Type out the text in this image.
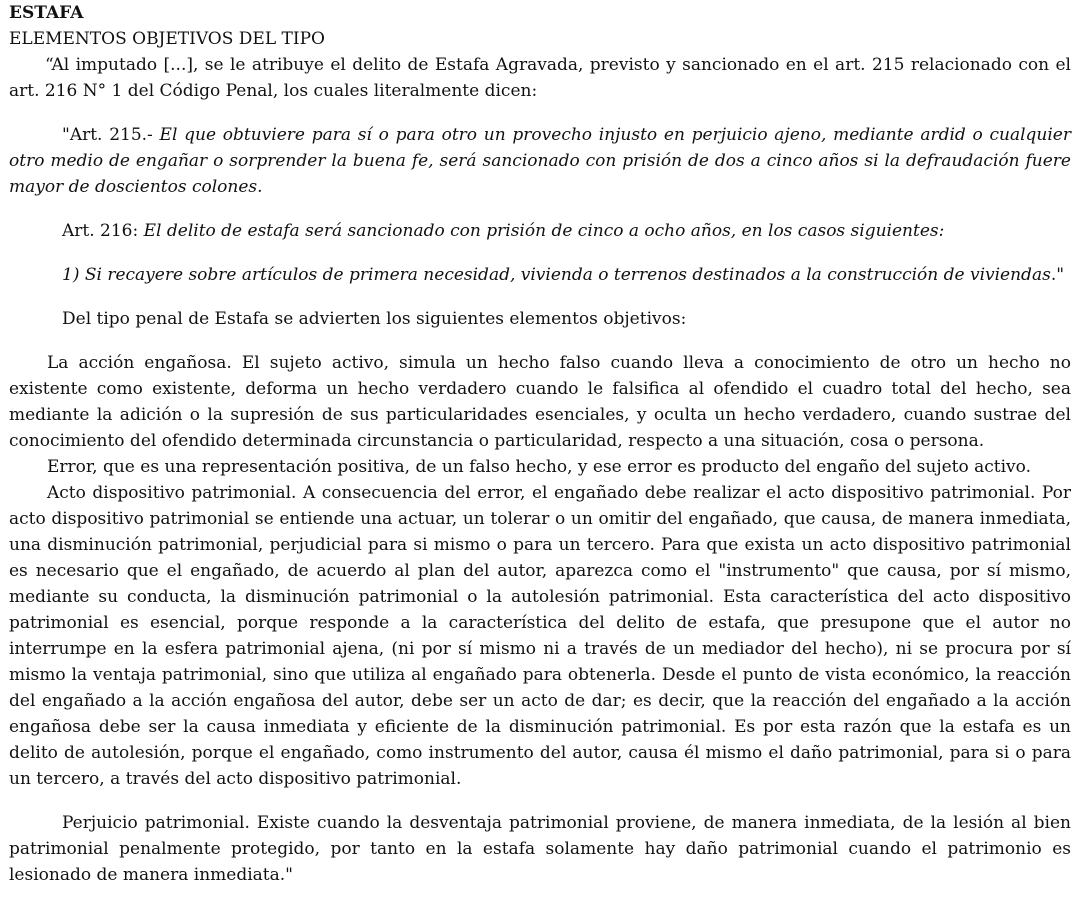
ESTAFA

ELEMENTOS OBJETIVOS DEL TIPO

“Al imputado [...], se le atribuye el delito de Estafa Agravada, previsto y sancionado en el art. 215 relacionado con el art. 216 N° 1 del Código Penal, los cuales literalmente dicen:

"Art. 215.- El que obtuviere para sí o para otro un provecho injusto en perjuicio ajeno, mediante ardid o cualquier otro medio de engañar o sorprender la buena fe, será sancionado con prisión de dos a cinco años si la defraudación fuere mayor de doscientos colones.

Art. 216: El delito de estafa será sancionado con prisión de cinco a ocho años, en los casos siguientes:

1) Si recayere sobre artículos de primera necesidad, vivienda o terrenos destinados a la construcción de viviendas."

Del tipo penal de Estafa se advierten los siguientes elementos objetivos:

La acción engañosa. El sujeto activo, simula un hecho falso cuando lleva a conocimiento de otro un hecho no existente como existente, deforma un hecho verdadero cuando le falsifica al ofendido el cuadro total del hecho, sea mediante la adición o la supresión de sus particularidades esenciales, y oculta un hecho verdadero, cuando sustrae del conocimiento del ofendido determinada circunstancia o particularidad, respecto a una situación, cosa o persona.

Error, que es una representación positiva, de un falso hecho, y ese error es producto del engaño del sujeto activo.

Acto dispositivo patrimonial. A consecuencia del error, el engañado debe realizar el acto dispositivo patrimonial. Por acto dispositivo patrimonial se entiende una actuar, un tolerar o un omitir del engañado, que causa, de manera inmediata, una disminución patrimonial, perjudicial para si mismo o para un tercero. Para que exista un acto dispositivo patrimonial es necesario que el engañado, de acuerdo al plan del autor, aparezca como el "instrumento" que causa, por sí mismo, mediante su conducta, la disminución patrimonial o la autolesión patrimonial. Esta característica del acto dispositivo patrimonial es esencial, porque responde a la característica del delito de estafa, que presupone que el autor no interrumpe en la esfera patrimonial ajena, (ni por sí mismo ni a través de un mediador del hecho), ni se procura por sí mismo la ventaja patrimonial, sino que utiliza al engañado para obtenerla. Desde el punto de vista económico, la reacción del engañado a la acción engañosa del autor, debe ser un acto de dar; es decir, que la reacción del engañado a la acción engañosa debe ser la causa inmediata y eficiente de la disminución patrimonial. Es por esta razón que la estafa es un delito de autolesión, porque el engañado, como instrumento del autor, causa él mismo el daño patrimonial, para si o para un tercero, a través del acto dispositivo patrimonial.

Perjuicio patrimonial. Existe cuando la desventaja patrimonial proviene, de manera inmediata, de la lesión al bien patrimonial penalmente protegido, por tanto en la estafa solamente hay daño patrimonial cuando el patrimonio es lesionado de manera inmediata."
